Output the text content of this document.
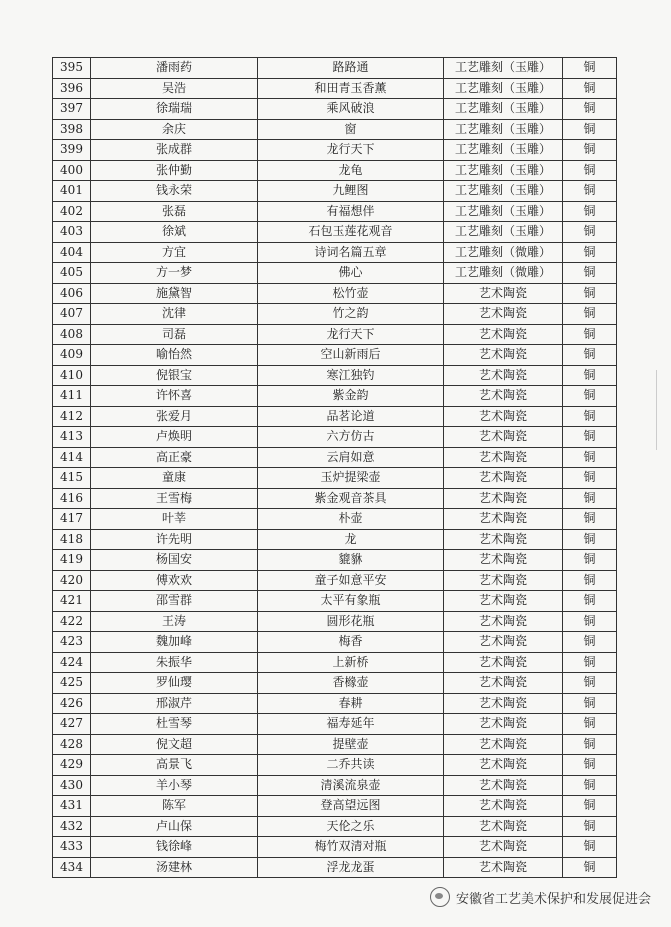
395	潘雨药	路路通	工艺雕刻（玉雕）	铜
396	吴浩	和田青玉香薰	工艺雕刻（玉雕）	铜
397	徐瑞瑞	乘风破浪	工艺雕刻（玉雕）	铜
398	余庆	窗	工艺雕刻（玉雕）	铜
399	张成群	龙行天下	工艺雕刻（玉雕）	铜
400	张仲勤	龙龟	工艺雕刻（玉雕）	铜
401	钱永荣	九鲤图	工艺雕刻（玉雕）	铜
402	张磊	有福想伴	工艺雕刻（玉雕）	铜
403	徐斌	石包玉莲花观音	工艺雕刻（玉雕）	铜
404	方宜	诗词名篇五章	工艺雕刻（微雕）	铜
405	方一梦	佛心	工艺雕刻（微雕）	铜
406	施黛智	松竹壶	艺术陶瓷	铜
407	沈律	竹之韵	艺术陶瓷	铜
408	司磊	龙行天下	艺术陶瓷	铜
409	喻怡然	空山新雨后	艺术陶瓷	铜
410	倪银宝	寒江独钓	艺术陶瓷	铜
411	许怀喜	紫金韵	艺术陶瓷	铜
412	张爱月	品茗论道	艺术陶瓷	铜
413	卢焕明	六方仿古	艺术陶瓷	铜
414	高正豪	云肩如意	艺术陶瓷	铜
415	童康	玉炉提梁壶	艺术陶瓷	铜
416	王雪梅	紫金观音茶具	艺术陶瓷	铜
417	叶莘	朴壶	艺术陶瓷	铜
418	许先明	龙	艺术陶瓷	铜
419	杨国安	貔貅	艺术陶瓷	铜
420	傅欢欢	童子如意平安	艺术陶瓷	铜
421	邵雪群	太平有象瓶	艺术陶瓷	铜
422	王涛	圆形花瓶	艺术陶瓷	铜
423	魏加峰	梅香	艺术陶瓷	铜
424	朱振华	上新桥	艺术陶瓷	铜
425	罗仙璎	香橼壶	艺术陶瓷	铜
426	邢淑芹	春耕	艺术陶瓷	铜
427	杜雪琴	福寿延年	艺术陶瓷	铜
428	倪文超	提壁壶	艺术陶瓷	铜
429	高景飞	二乔共读	艺术陶瓷	铜
430	羊小琴	清溪流泉壶	艺术陶瓷	铜
431	陈军	登高望远图	艺术陶瓷	铜
432	卢山保	天伦之乐	艺术陶瓷	铜
433	钱徐峰	梅竹双清对瓶	艺术陶瓷	铜
434	汤建林	浮龙龙蛋	艺术陶瓷	铜
安徽省工艺美术保护和发展促进会
